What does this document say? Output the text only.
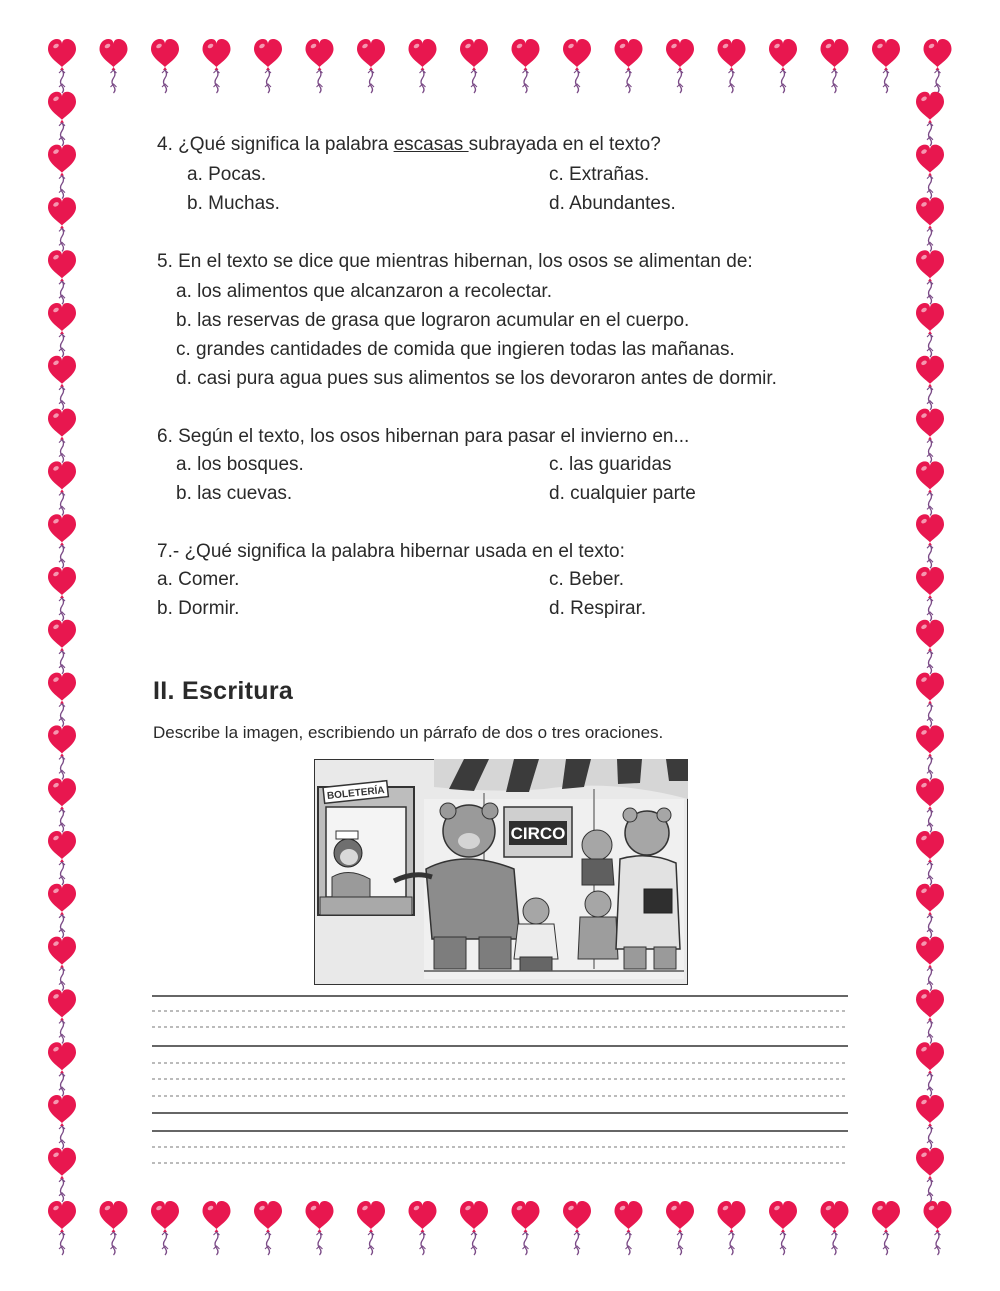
4. ¿Qué significa la palabra escasas subrayada en el texto?
a. Pocas.
b. Muchas.
c. Extrañas.
d. Abundantes.
5. En el texto se dice que mientras hibernan, los osos se alimentan de:
a. los alimentos que alcanzaron a recolectar.
b. las reservas de grasa que lograron acumular en el cuerpo.
c. grandes cantidades de comida que ingieren todas las mañanas.
d. casi pura agua pues sus alimentos se los devoraron antes de dormir.
6. Según el texto, los osos hibernan para pasar el invierno en...
a. los bosques.
b. las cuevas.
c. las guaridas
d. cualquier parte
7.- ¿Qué significa la palabra hibernar usada en el texto:
a. Comer.
b. Dormir.
c. Beber.
d. Respirar.
II. Escritura
Describe la imagen, escribiendo un párrafo de dos o tres oraciones.
BOLETERÍA
CIRCO
